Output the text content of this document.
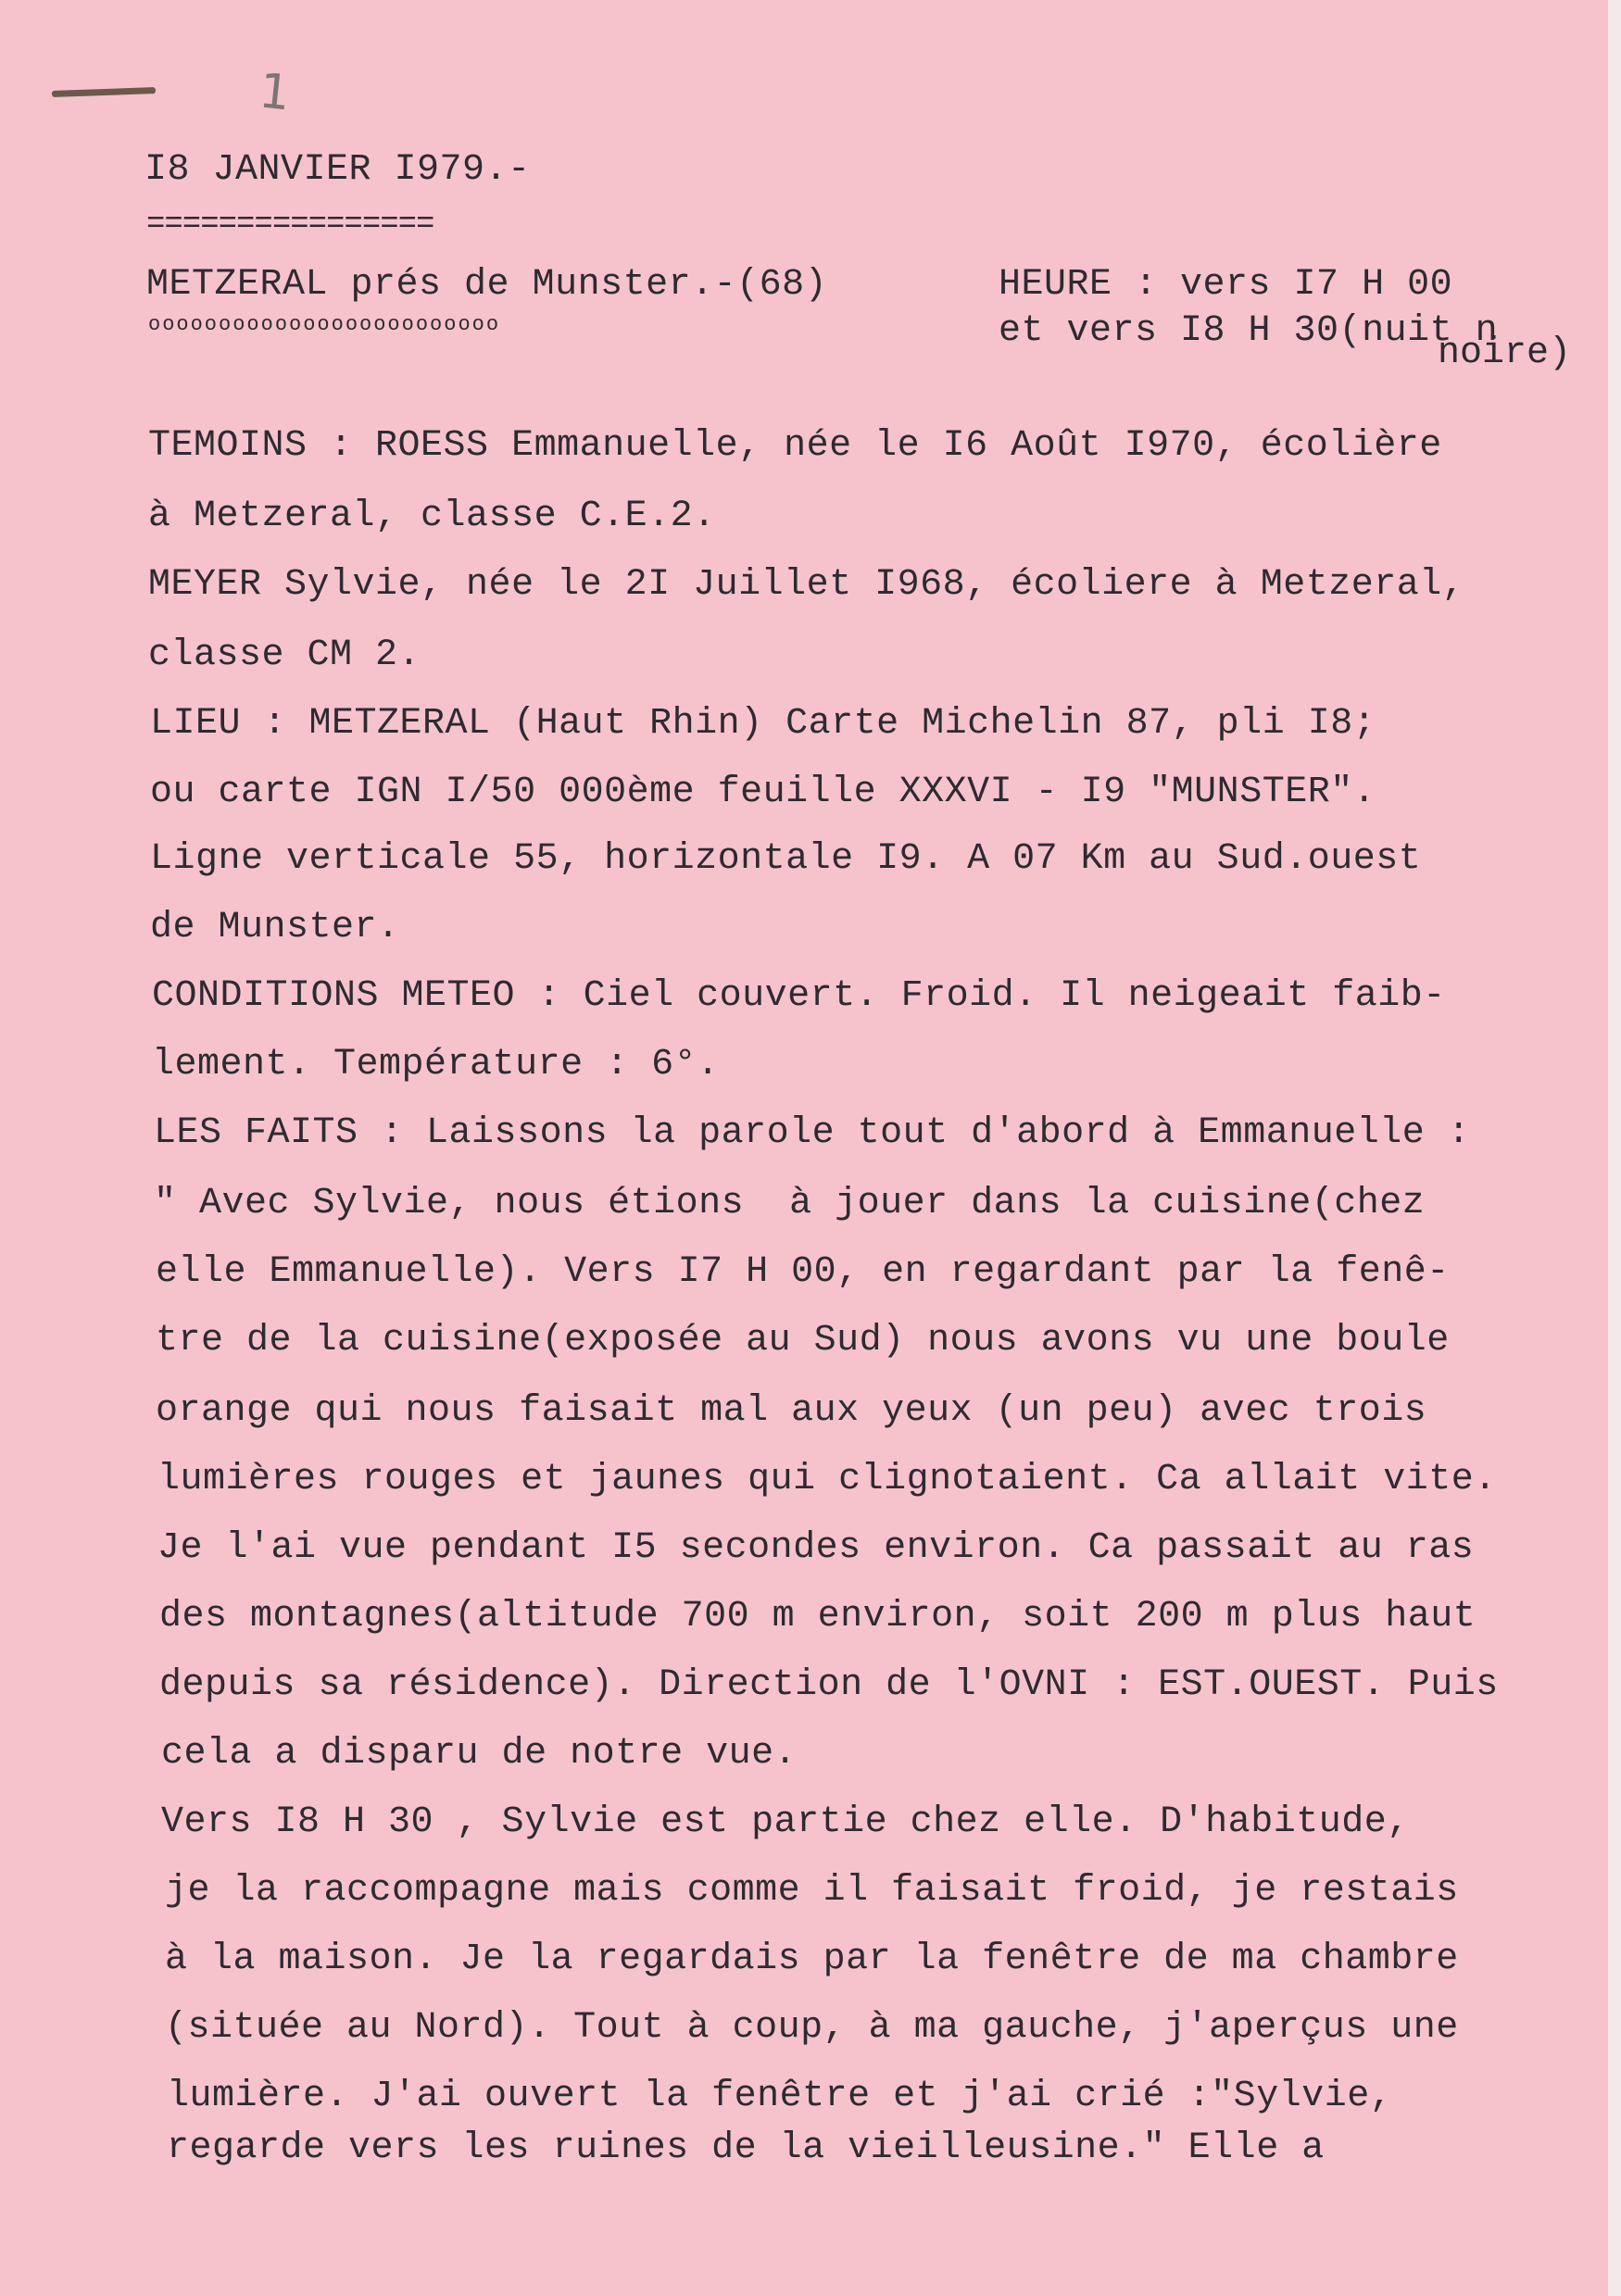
1
I8 JANVIER I979.-
================
METZERAL prés de Munster.-(68)
ooooooooooooooooooooooooo
HEURE : vers I7 H 00
et vers I8 H 30(nuit n
noire)
TEMOINS : ROESS Emmanuelle, née le I6 Août I970, écolière
à Metzeral, classe C.E.2.
MEYER Sylvie, née le 2I Juillet I968, écoliere à Metzeral,
classe CM 2.
LIEU : METZERAL (Haut Rhin) Carte Michelin 87, pli I8;
ou carte IGN I/50 000ème feuille XXXVI - I9 "MUNSTER".
Ligne verticale 55, horizontale I9. A 07 Km au Sud.ouest
de Munster.
CONDITIONS METEO : Ciel couvert. Froid. Il neigeait faib-
lement. Température : 6°.
LES FAITS : Laissons la parole tout d'abord à Emmanuelle :
" Avec Sylvie, nous étions  à jouer dans la cuisine(chez
elle Emmanuelle). Vers I7 H 00, en regardant par la fenê-
tre de la cuisine(exposée au Sud) nous avons vu une boule
orange qui nous faisait mal aux yeux (un peu) avec trois
lumières rouges et jaunes qui clignotaient. Ca allait vite.
Je l'ai vue pendant I5 secondes environ. Ca passait au ras
des montagnes(altitude 700 m environ, soit 200 m plus haut
depuis sa résidence). Direction de l'OVNI : EST.OUEST. Puis
cela a disparu de notre vue.
Vers I8 H 30 , Sylvie est partie chez elle. D'habitude,
je la raccompagne mais comme il faisait froid, je restais
à la maison. Je la regardais par la fenêtre de ma chambre
(située au Nord). Tout à coup, à ma gauche, j'aperçus une
lumière. J'ai ouvert la fenêtre et j'ai crié :"Sylvie,
regarde vers les ruines de la vieilleusine." Elle a
